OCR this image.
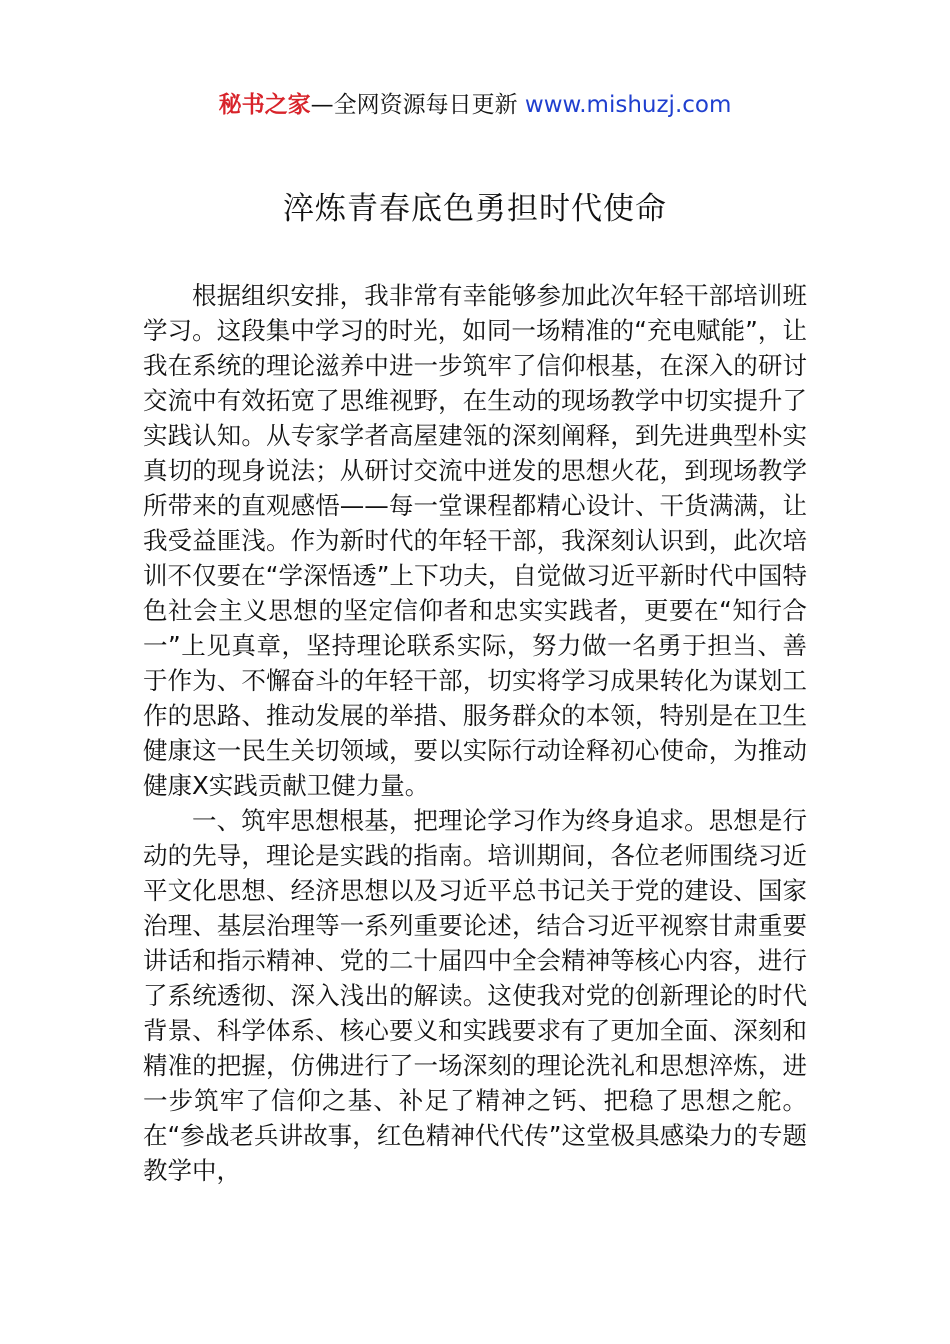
秘书之家—全网资源每日更新 www.mishuzj.com
淬炼青春底色勇担时代使命

根据组织安排，我非常有幸能够参加此次年轻干部培训班学习。这段集中学习的时光，如同一场精准的“充电赋能”，让我在系统的理论滋养中进一步筑牢了信仰根基，在深入的研讨交流中有效拓宽了思维视野，在生动的现场教学中切实提升了实践认知。从专家学者高屋建瓴的深刻阐释，到先进典型朴实真切的现身说法；从研讨交流中迸发的思想火花，到现场教学所带来的直观感悟——每一堂课程都精心设计、干货满满，让我受益匪浅。作为新时代的年轻干部，我深刻认识到，此次培训不仅要在“学深悟透”上下功夫，自觉做习近平新时代中国特色社会主义思想的坚定信仰者和忠实实践者，更要在“知行合一”上见真章，坚持理论联系实际，努力做一名勇于担当、善于作为、不懈奋斗的年轻干部，切实将学习成果转化为谋划工作的思路、推动发展的举措、服务群众的本领，特别是在卫生健康这一民生关切领域，要以实际行动诠释初心使命，为推动健康X实践贡献卫健力量。

一、筑牢思想根基，把理论学习作为终身追求。思想是行动的先导，理论是实践的指南。培训期间，各位老师围绕习近平文化思想、经济思想以及习近平总书记关于党的建设、国家治理、基层治理等一系列重要论述，结合习近平视察甘肃重要讲话和指示精神、党的二十届四中全会精神等核心内容，进行了系统透彻、深入浅出的解读。这使我对党的创新理论的时代背景、科学体系、核心要义和实践要求有了更加全面、深刻和精准的把握，仿佛进行了一场深刻的理论洗礼和思想淬炼，进一步筑牢了信仰之基、补足了精神之钙、把稳了思想之舵。在“参战老兵讲故事，红色精神代代传”这堂极具感染力的专题教学中，
